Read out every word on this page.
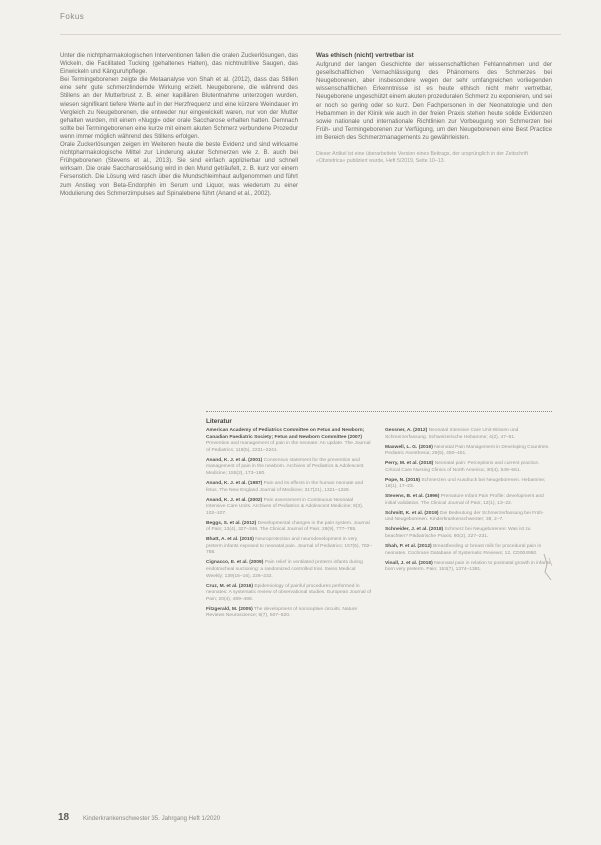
Fokus

Unter die nichtpharmakologischen Interventionen fallen die oralen Zuckerlösungen, das Wickeln, die Facilitated Tucking (gehaltenes Halten), das nichtnutritive Saugen, das Einwickeln und Känguruhpflege.

Bei Termingeborenen zeigte die Metaanalyse von Shah et al. (2012), dass das Stillen eine sehr gute schmerzlindernde Wirkung erzielt. Neugeborene, die während des Stillens an der Mutterbrust z. B. einer kapillären Blutentnahme unterzogen wurden, wiesen signifikant tiefere Werte auf in der Herzfrequenz und eine kürzere Weindauer im Vergleich zu Neugeborenen, die entweder nur eingewickelt waren, nur von der Mutter gehalten wurden, mit einem «Nuggi» oder orale Saccharose erhalten hatten. Demnach sollte bei Termingeborenen eine kurze mit einem akuten Schmerz verbundene Prozedur wenn immer möglich während des Stillens erfolgen.

Orale Zuckerlösungen zeigen im Weiteren heute die beste Evidenz und sind wirksame nichtpharmakologische Mittel zur Linderung akuter Schmerzen wie z. B. auch bei Frühgeborenen (Stevens et al., 2013). Sie sind einfach applizierbar und schnell wirksam. Die orale Saccharoselösung wird in den Mund geträufelt, z. B. kurz vor einem Fersenstich. Die Lösung wird rasch über die Mundschleimhaut aufgenommen und führt zum Anstieg von Beta-Endorphin im Serum und Liquor, was wiederum zu einer Modulierung des Schmerzimpulses auf Spinalebene führt (Anand et al., 2002).

Was ethisch (nicht) vertretbar ist

Aufgrund der langen Geschichte der wissenschaftlichen Fehlannahmen und der gesellschaftlichen Vernachlässigung des Phänomens des Schmerzes bei Neugeborenen, aber insbesondere wegen der sehr umfangreichen vorliegenden wissenschaftlichen Erkenntnisse ist es heute ethisch nicht mehr vertretbar, Neugeborene ungeschützt einem akuten prozeduralen Schmerz zu exponieren, und sei er noch so gering oder so kurz. Den Fachpersonen in der Neonatologie und den Hebammen in der Klinik wie auch in der freien Praxis stehen heute solide Evidenzen sowie nationale und internationale Richtlinien zur Vorbeugung von Schmerzen bei Früh- und Termingeborenen zur Verfügung, um den Neugeborenen eine Best Practice im Bereich des Schmerzmanagements zu gewährleisten.

Dieser Artikel ist eine überarbeitete Version eines Beitrags, der ursprünglich in der Zeitschrift «Obstetrica» publiziert wurde, Heft 5/2019, Seite 10–13.

Literatur

American Academy of Pediatrics Committee on Fetus and Newborn; Canadian Paediatric Society; Fetus and Newborn Committee (2007) Prevention and management of pain in the neonate: An update. The Journal of Pediatrics; 118(5), 2231–2241.

Anand, K. J. et al. (2001) Consensus statement for the prevention and management of pain in the newborn. Archives of Pediatrics & Adolescent Medicine; 155(2), 173–180.

Anand, K. J. et al. (1987) Pain and its effects in the human neonate and fetus. The New England Journal of Medicine; 317(21), 1321–1329.

Anand, K. J. et al. (2002) Pain assessment in Continuous Neonatal Intensive Care Units. Archives of Pediatrics & Adolescent Medicine; 9(3), 102–107.

Beggs, S. et al. (2012) Developmental changes in the pain system. Journal of Pain; 13(4), 327–346. The Clinical Journal of Pain; 28(9), 777–785.

Bhatt, A. et al. (2010) Neuroprotection and neurodevelopment in very preterm infants exposed to neonatal pain. Journal of Pediatrics; 157(5), 782–788.

Cignacco, E. et al. (2009) Pain relief in ventilated preterm infants during endotracheal suctioning: a randomized controlled trial. Swiss Medical Weekly; 139(15–16), 226–232.

Cruz, M. et al. (2016) Epidemiology of painful procedures performed in neonates: A systematic review of observational studies. European Journal of Pain; 20(4), 489–498.

Fitzgerald, M. (2005) The development of nociceptive circuits. Nature Reviews Neuroscience; 6(7), 507–520.

Gessner, A. (2012) Neonatal Intensive Care Unit-Wissen und Schmerzerfassung. Schweizerische Hebamme; 4(2), 47–51.

Maxwell, L. G. (2019) Neonatal Pain Management in Developing Countries. Pediatric Anesthesia; 29(5), 450–451.

Perry, M. et al. (2018) Neonatal pain: Perceptions and current practice. Critical Care Nursing Clinics of North America; 30(4), 549–561.

Pope, N. (2015) Schmerzen und Ausdruck bei Neugeborenen. Hebamme; 18(1), 17–23.

Stevens, B. et al. (1996) Premature Infant Pain Profile: development and initial validation. The Clinical Journal of Pain; 12(1), 13–22.

Schmitt, K. et al. (2019) Die Bedeutung der Schmerzerfassung bei Früh- und Neugeborenen. Kinderkrankenschwester; 38, 2–7.

Schneider, J. et al. (2018) Schmerz bei Neugeborenen: Was ist zu beachten? Pädiatrische Praxis; 90(2), 227–231.

Shah, P. et al. (2012) Breastfeeding or breast milk for procedural pain in neonates. Cochrane Database of Systematic Reviews; 12, CD004950.

Vinall, J. et al. (2018) Neonatal pain in relation to postnatal growth in infants born very preterm. Pain; 153(7), 1374–1381.

18 Kinderkrankenschwester 35. Jahrgang Heft 1/2020
